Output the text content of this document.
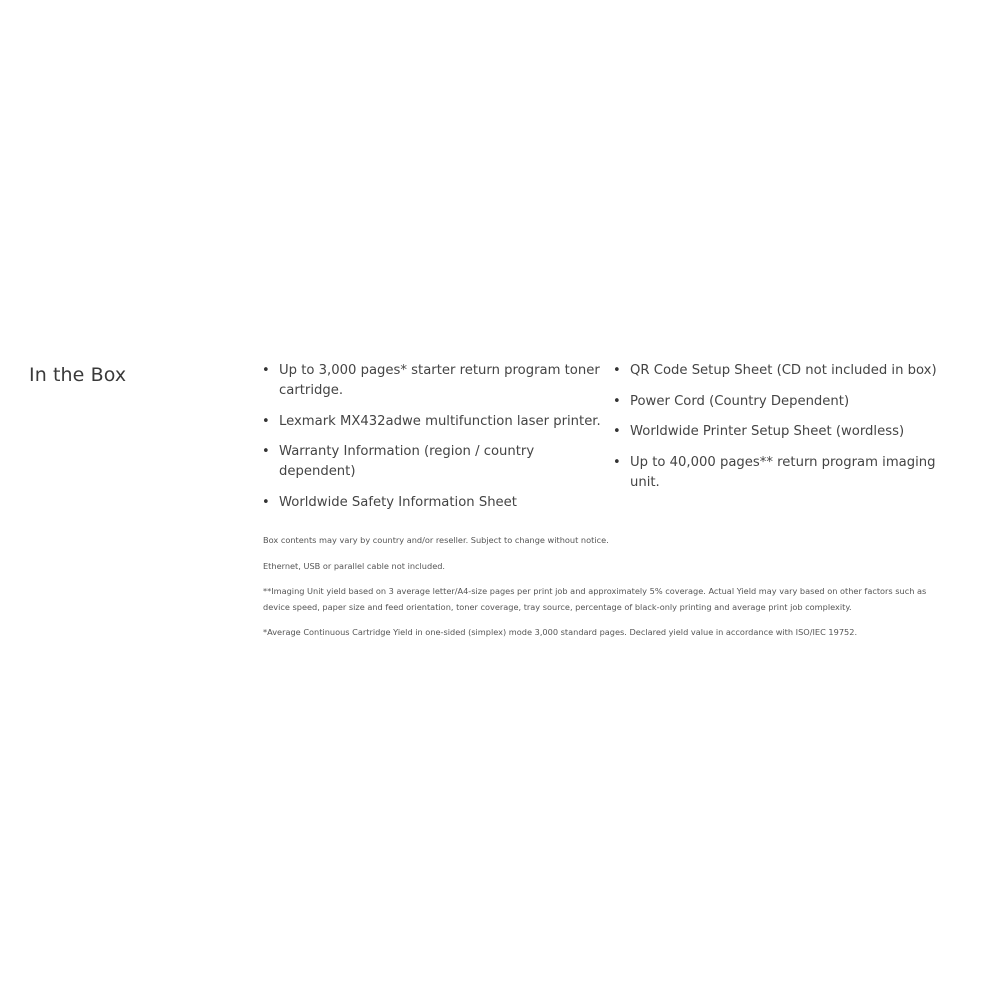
In the Box	• Up to 3,000 pages* starter return program toner cartridge.
• Lexmark MX432adwe multifunction laser printer.
• Warranty Information (region / country dependent)
• Worldwide Safety Information Sheet
• QR Code Setup Sheet (CD not included in box)
• Power Cord (Country Dependent)
• Worldwide Printer Setup Sheet (wordless)
• Up to 40,000 pages** return program imaging unit.

Box contents may vary by country and/or reseller. Subject to change without notice.

Ethernet, USB or parallel cable not included.

**Imaging Unit yield based on 3 average letter/A4-size pages per print job and approximately 5% coverage. Actual Yield may vary based on other factors such as device speed, paper size and feed orientation, toner coverage, tray source, percentage of black-only printing and average print job complexity.

*Average Continuous Cartridge Yield in one-sided (simplex) mode 3,000 standard pages. Declared yield value in accordance with ISO/IEC 19752.
